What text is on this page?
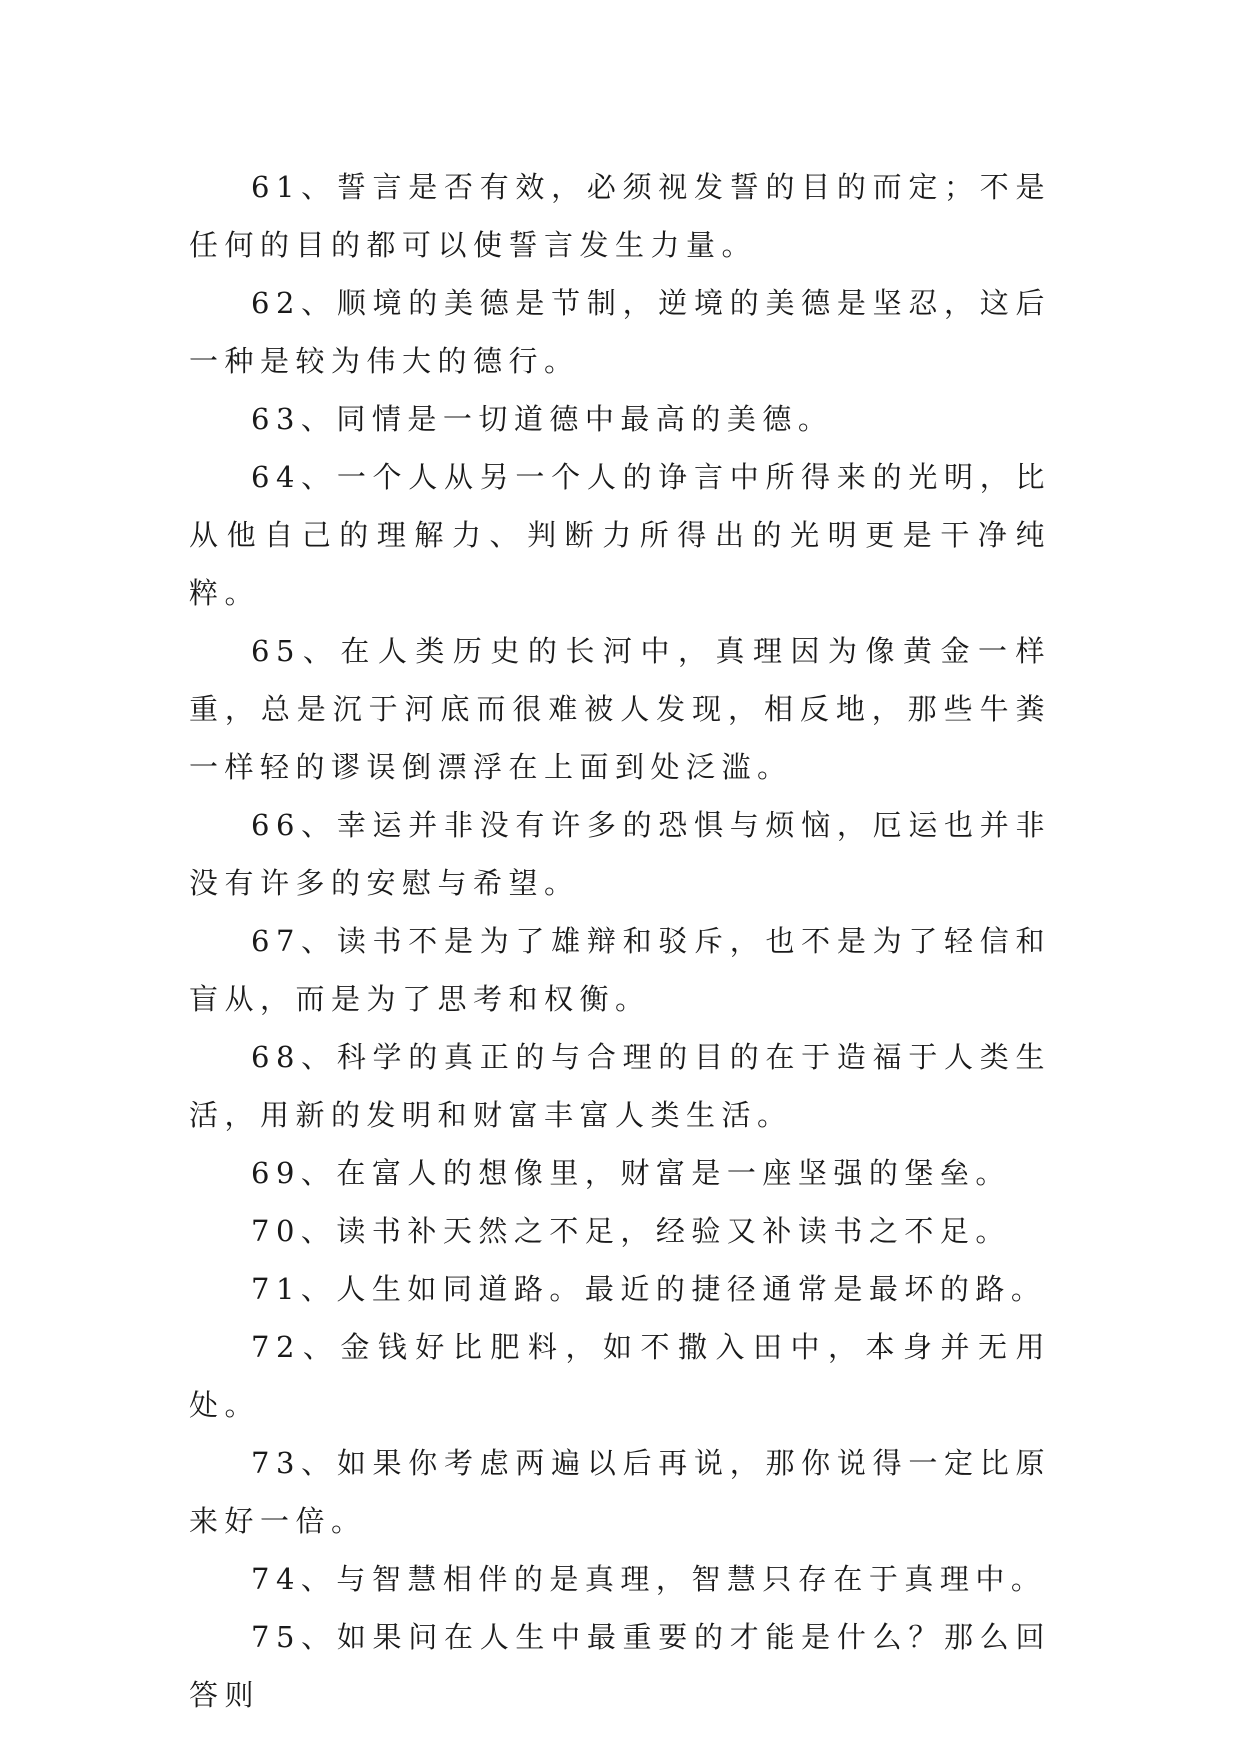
61、誓言是否有效，必须视发誓的目的而定；不是任何的目的都可以使誓言发生力量。

62、顺境的美德是节制，逆境的美德是坚忍，这后一种是较为伟大的德行。

63、同情是一切道德中最高的美德。

64、一个人从另一个人的诤言中所得来的光明，比从他自己的理解力、判断力所得出的光明更是干净纯粹。

65、在人类历史的长河中，真理因为像黄金一样重，总是沉于河底而很难被人发现，相反地，那些牛粪一样轻的谬误倒漂浮在上面到处泛滥。

66、幸运并非没有许多的恐惧与烦恼，厄运也并非没有许多的安慰与希望。

67、读书不是为了雄辩和驳斥，也不是为了轻信和盲从，而是为了思考和权衡。

68、科学的真正的与合理的目的在于造福于人类生活，用新的发明和财富丰富人类生活。

69、在富人的想像里，财富是一座坚强的堡垒。

70、读书补天然之不足，经验又补读书之不足。

71、人生如同道路。最近的捷径通常是最坏的路。

72、金钱好比肥料，如不撒入田中，本身并无用处。

73、如果你考虑两遍以后再说，那你说得一定比原来好一倍。

74、与智慧相伴的是真理，智慧只存在于真理中。

75、如果问在人生中最重要的才能是什么？那么回答则
